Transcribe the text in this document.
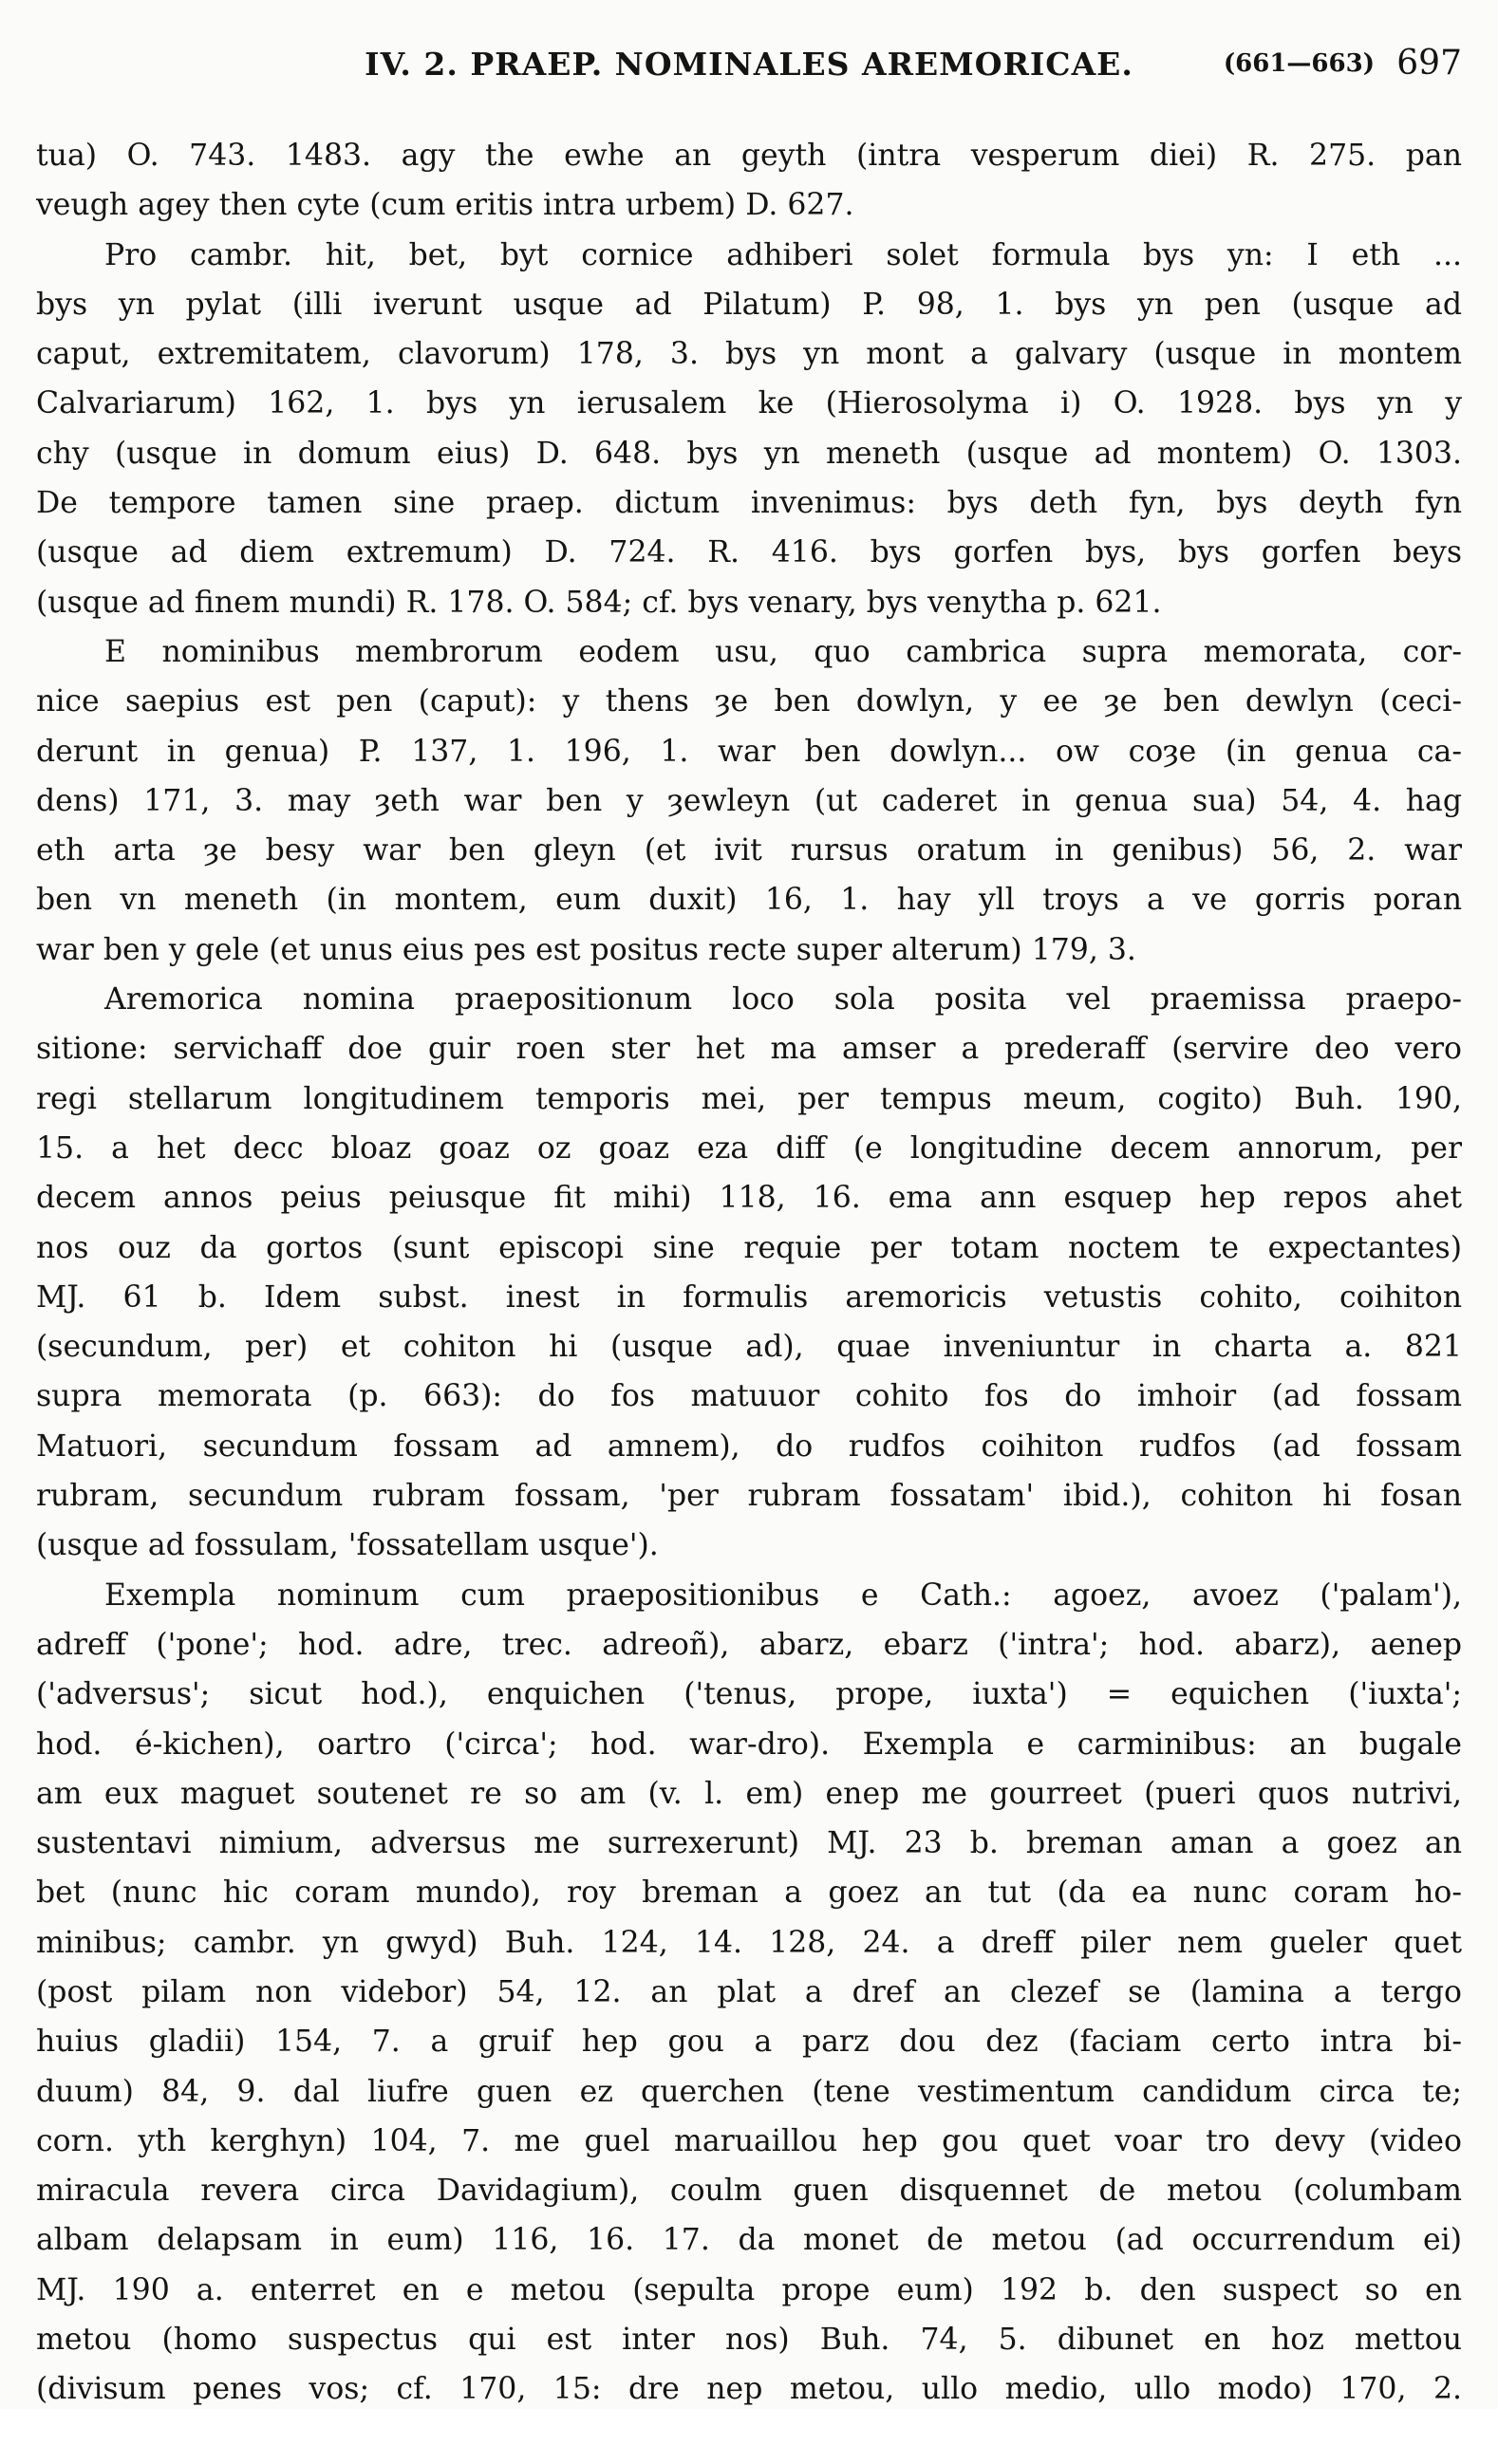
IV. 2. PRAEP. NOMINALES AREMORICAE.	(661—663) 697
tua) O. 743. 1483. agy the ewhe an geyth (intra vesperum diei) R. 275. pan
veugh agey then cyte (cum eritis intra urbem) D. 627.
Pro cambr. hit, bet, byt cornice adhiberi solet formula bys yn: I eth ...
bys yn pylat (illi iverunt usque ad Pilatum) P. 98, 1. bys yn pen (usque ad
caput, extremitatem, clavorum) 178, 3. bys yn mont a galvary (usque in montem
Calvariarum) 162, 1. bys yn ierusalem ke (Hierosolyma i) O. 1928. bys yn y
chy (usque in domum eius) D. 648. bys yn meneth (usque ad montem) O. 1303.
De tempore tamen sine praep. dictum invenimus: bys deth fyn, bys deyth fyn
(usque ad diem extremum) D. 724. R. 416. bys gorfen bys, bys gorfen beys
(usque ad finem mundi) R. 178. O. 584; cf. bys venary, bys venytha p. 621.
E nominibus membrorum eodem usu, quo cambrica supra memorata, cor-
nice saepius est pen (caput): y thens ȝe ben dowlyn, y ee ȝe ben dewlyn (ceci-
derunt in genua) P. 137, 1. 196, 1. war ben dowlyn... ow coȝe (in genua ca-
dens) 171, 3. may ȝeth war ben y ȝewleyn (ut caderet in genua sua) 54, 4. hag
eth arta ȝe besy war ben gleyn (et ivit rursus oratum in genibus) 56, 2. war
ben vn meneth (in montem, eum duxit) 16, 1. hay yll troys a ve gorris poran
war ben y gele (et unus eius pes est positus recte super alterum) 179, 3.
Aremorica nomina praepositionum loco sola posita vel praemissa praepo-
sitione: servichaff doe guir roen ster het ma amser a prederaff (servire deo vero
regi stellarum longitudinem temporis mei, per tempus meum, cogito) Buh. 190,
15. a het decc bloaz goaz oz goaz eza diff (e longitudine decem annorum, per
decem annos peius peiusque fit mihi) 118, 16. ema ann esquep hep repos ahet
nos ouz da gortos (sunt episcopi sine requie per totam noctem te expectantes)
MJ. 61 b. Idem subst. inest in formulis aremoricis vetustis cohito, coihiton
(secundum, per) et cohiton hi (usque ad), quae inveniuntur in charta a. 821
supra memorata (p. 663): do fos matuuor cohito fos do imhoir (ad fossam
Matuori, secundum fossam ad amnem), do rudfos coihiton rudfos (ad fossam
rubram, secundum rubram fossam, 'per rubram fossatam' ibid.), cohiton hi fosan
(usque ad fossulam, 'fossatellam usque').
Exempla nominum cum praepositionibus e Cath.: agoez, avoez ('palam'),
adreff ('pone'; hod. adre, trec. adreoñ), abarz, ebarz ('intra'; hod. abarz), aenep
('adversus'; sicut hod.), enquichen ('tenus, prope, iuxta') = equichen ('iuxta';
hod. é-kichen), oartro ('circa'; hod. war-dro). Exempla e carminibus: an bugale
am eux maguet soutenet re so am (v. l. em) enep me gourreet (pueri quos nutrivi,
sustentavi nimium, adversus me surrexerunt) MJ. 23 b. breman aman a goez an
bet (nunc hic coram mundo), roy breman a goez an tut (da ea nunc coram ho-
minibus; cambr. yn gwyd) Buh. 124, 14. 128, 24. a dreff piler nem gueler quet
(post pilam non videbor) 54, 12. an plat a dref an clezef se (lamina a tergo
huius gladii) 154, 7. a gruif hep gou a parz dou dez (faciam certo intra bi-
duum) 84, 9. dal liufre guen ez querchen (tene vestimentum candidum circa te;
corn. yth kerghyn) 104, 7. me guel maruaillou hep gou quet voar tro devy (video
miracula revera circa Davidagium), coulm guen disquennet de metou (columbam
albam delapsam in eum) 116, 16. 17. da monet de metou (ad occurrendum ei)
MJ. 190 a. enterret en e metou (sepulta prope eum) 192 b. den suspect so en
metou (homo suspectus qui est inter nos) Buh. 74, 5. dibunet en hoz mettou
(divisum penes vos; cf. 170, 15: dre nep metou, ullo medio, ullo modo) 170, 2.
